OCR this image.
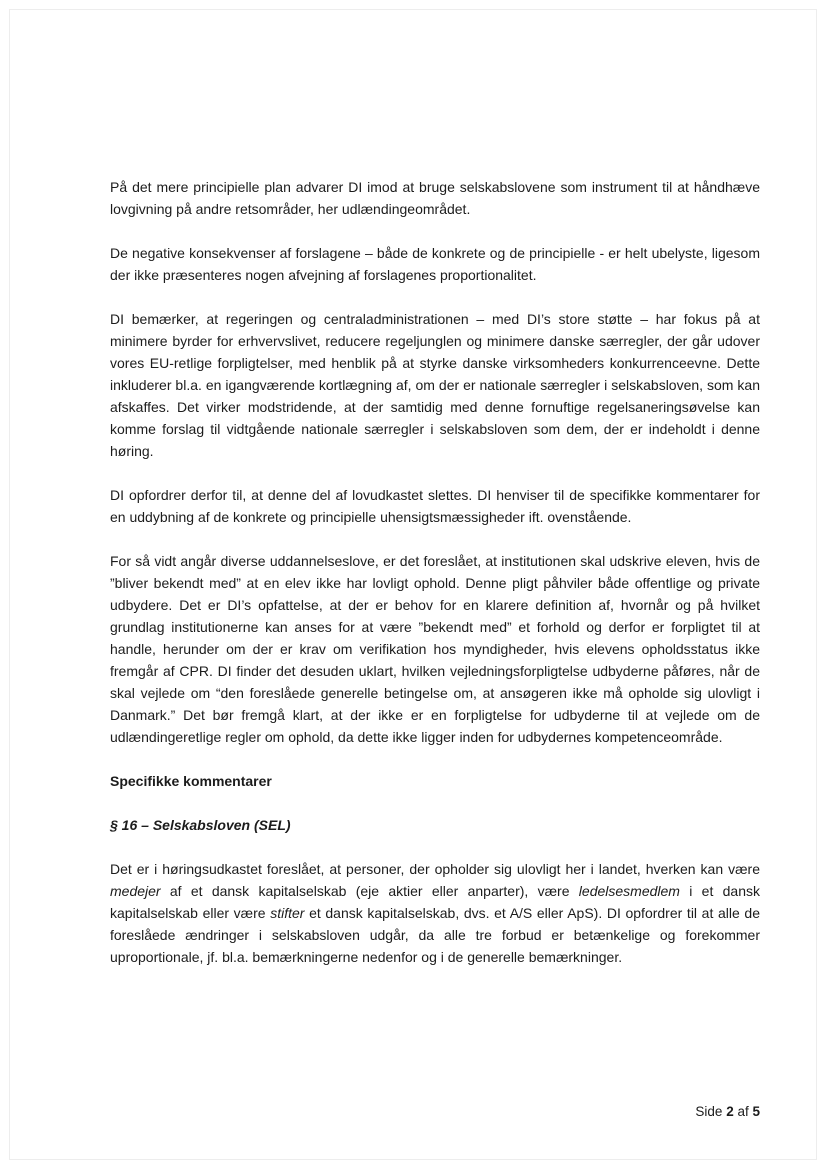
På det mere principielle plan advarer DI imod at bruge selskabslovene som instrument til at håndhæve lovgivning på andre retsområder, her udlændingeområdet.

De negative konsekvenser af forslagene – både de konkrete og de principielle - er helt ubelyste, ligesom der ikke præsenteres nogen afvejning af forslagenes proportionalitet.

DI bemærker, at regeringen og centraladministrationen – med DI’s store støtte – har fokus på at minimere byrder for erhvervslivet, reducere regeljunglen og minimere danske særregler, der går udover vores EU-retlige forpligtelser, med henblik på at styrke danske virksomheders konkurrenceevne. Dette inkluderer bl.a. en igangværende kortlægning af, om der er nationale særregler i selskabsloven, som kan afskaffes. Det virker modstridende, at der samtidig med denne fornuftige regelsaneringsøvelse kan komme forslag til vidtgående nationale særregler i selskabsloven som dem, der er indeholdt i denne høring.

DI opfordrer derfor til, at denne del af lovudkastet slettes. DI henviser til de specifikke kommentarer for en uddybning af de konkrete og principielle uhensigtsmæssigheder ift. ovenstående.

For så vidt angår diverse uddannelseslove, er det foreslået, at institutionen skal udskrive eleven, hvis de ”bliver bekendt med” at en elev ikke har lovligt ophold. Denne pligt påhviler både offentlige og private udbydere. Det er DI’s opfattelse, at der er behov for en klarere definition af, hvornår og på hvilket grundlag institutionerne kan anses for at være ”bekendt med” et forhold og derfor er forpligtet til at handle, herunder om der er krav om verifikation hos myndigheder, hvis elevens opholdsstatus ikke fremgår af CPR. DI finder det desuden uklart, hvilken vejledningsforpligtelse udbyderne påføres, når de skal vejlede om “den foreslåede generelle betingelse om, at ansøgeren ikke må opholde sig ulovligt i Danmark.” Det bør fremgå klart, at der ikke er en forpligtelse for udbyderne til at vejlede om de udlændingeretlige regler om ophold, da dette ikke ligger inden for udbydernes kompetenceområde.

Specifikke kommentarer

§ 16 – Selskabsloven (SEL)

Det er i høringsudkastet foreslået, at personer, der opholder sig ulovligt her i landet, hverken kan være medejer af et dansk kapitalselskab (eje aktier eller anparter), være ledelsesmedlem i et dansk kapitalselskab eller være stifter et dansk kapitalselskab, dvs. et A/S eller ApS). DI opfordrer til at alle de foreslåede ændringer i selskabsloven udgår, da alle tre forbud er betænkelige og forekommer uproportionale, jf. bl.a. bemærkningerne nedenfor og i de generelle bemærkninger.

Side 2 af 5
